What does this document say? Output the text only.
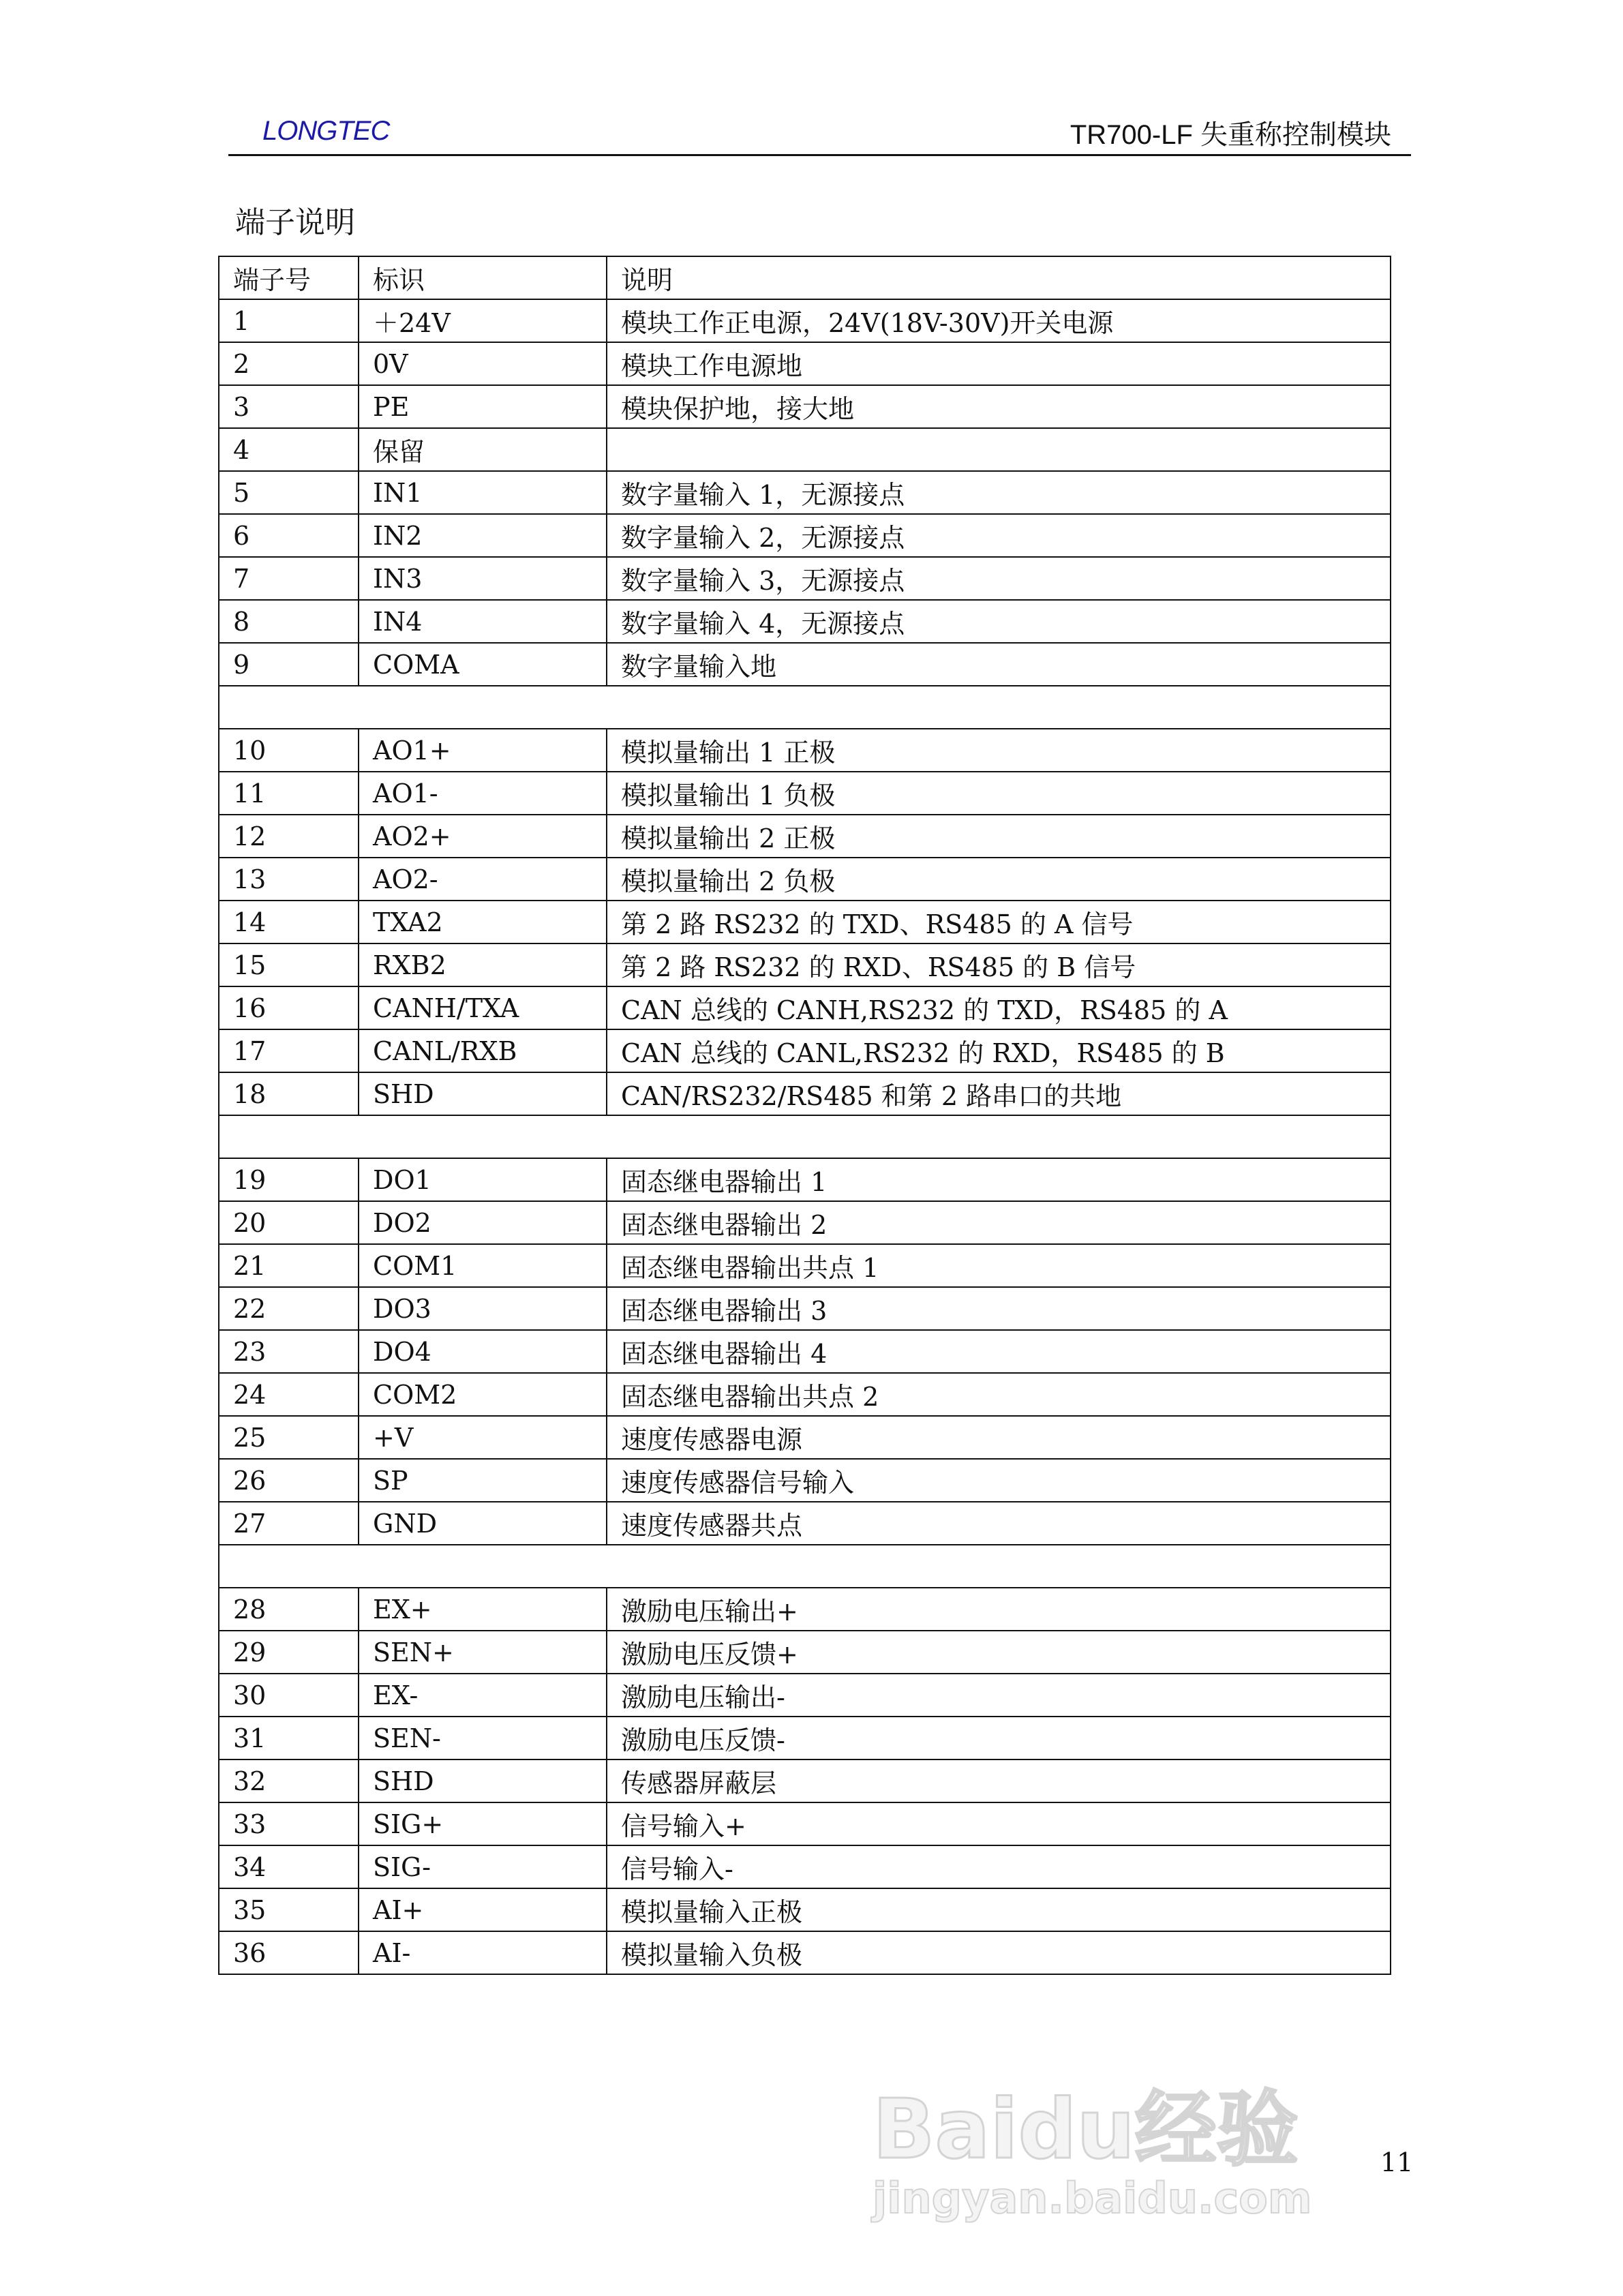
LONGTEC	TR700-LF 失重称控制模块
端子说明
端子号	标识	说明
1	＋24V	模块工作正电源，24V(18V-30V)开关电源
2	0V	模块工作电源地
3	PE	模块保护地，接大地
4	保留	
5	IN1	数字量输入 1，无源接点
6	IN2	数字量输入 2，无源接点
7	IN3	数字量输入 3，无源接点
8	IN4	数字量输入 4，无源接点
9	COMA	数字量输入地

10	AO1+	模拟量输出 1 正极
11	AO1-	模拟量输出 1 负极
12	AO2+	模拟量输出 2 正极
13	AO2-	模拟量输出 2 负极
14	TXA2	第 2 路 RS232 的 TXD、RS485 的 A 信号
15	RXB2	第 2 路 RS232 的 RXD、RS485 的 B 信号
16	CANH/TXA	CAN 总线的 CANH,RS232 的 TXD，RS485 的 A
17	CANL/RXB	CAN 总线的 CANL,RS232 的 RXD，RS485 的 B
18	SHD	CAN/RS232/RS485 和第 2 路串口的共地

19	DO1	固态继电器输出 1
20	DO2	固态继电器输出 2
21	COM1	固态继电器输出共点 1
22	DO3	固态继电器输出 3
23	DO4	固态继电器输出 4
24	COM2	固态继电器输出共点 2
25	+V	速度传感器电源
26	SP	速度传感器信号输入
27	GND	速度传感器共点

28	EX+	激励电压输出+
29	SEN+	激励电压反馈+
30	EX-	激励电压输出-
31	SEN-	激励电压反馈-
32	SHD	传感器屏蔽层
33	SIG+	信号输入+
34	SIG-	信号输入-
35	AI+	模拟量输入正极
36	AI-	模拟量输入负极
Baidu经验
jingyan.baidu.com
11
